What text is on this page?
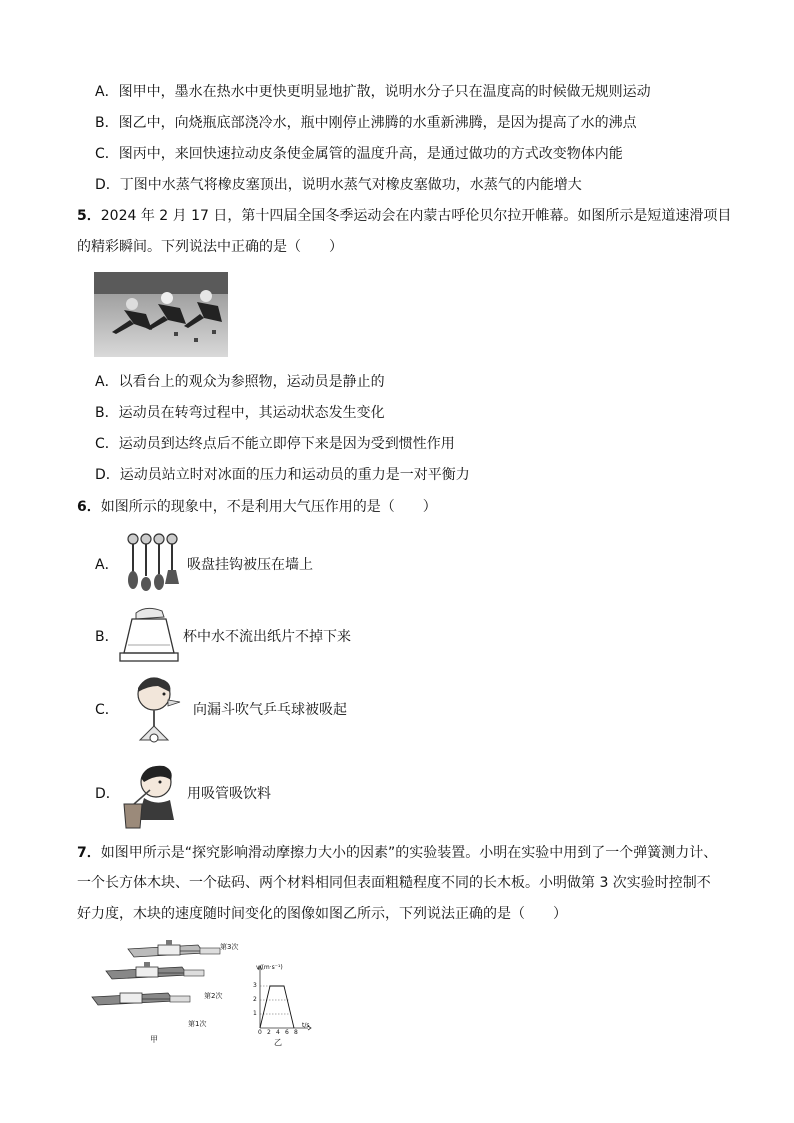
A．图甲中，墨水在热水中更快更明显地扩散，说明水分子只在温度高的时候做无规则运动
B．图乙中，向烧瓶底部浇冷水，瓶中刚停止沸腾的水重新沸腾，是因为提高了水的沸点
C．图丙中，来回快速拉动皮条使金属管的温度升高，是通过做功的方式改变物体内能
D．丁图中水蒸气将橡皮塞顶出，说明水蒸气对橡皮塞做功，水蒸气的内能增大
5．2024 年 2 月 17 日，第十四届全国冬季运动会在内蒙古呼伦贝尔拉开帷幕。如图所示是短道速滑项目
的精彩瞬间。下列说法中正确的是（　　）
A．以看台上的观众为参照物，运动员是静止的
B．运动员在转弯过程中，其运动状态发生变化
C．运动员到达终点后不能立即停下来是因为受到惯性作用
D．运动员站立时对冰面的压力和运动员的重力是一对平衡力
6．如图所示的现象中，不是利用大气压作用的是（　　）
A．	吸盘挂钩被压在墙上
B．	杯中水不流出纸片不掉下来
C．	向漏斗吹气乒乓球被吸起
D．	用吸管吸饮料
7．如图甲所示是“探究影响滑动摩擦力大小的因素”的实验装置。小明在实验中用到了一个弹簧测力计、
一个长方体木块、一个砝码、两个材料相同但表面粗糙程度不同的长木板。小明做第 3 次实验时控制不
好力度，木块的速度随时间变化的图像如图乙所示，下列说法正确的是（　　）
第3次
第2次
第1次
甲
v/(m·s⁻¹)
t/s
3
2
1
0 2 4 6 8
乙
